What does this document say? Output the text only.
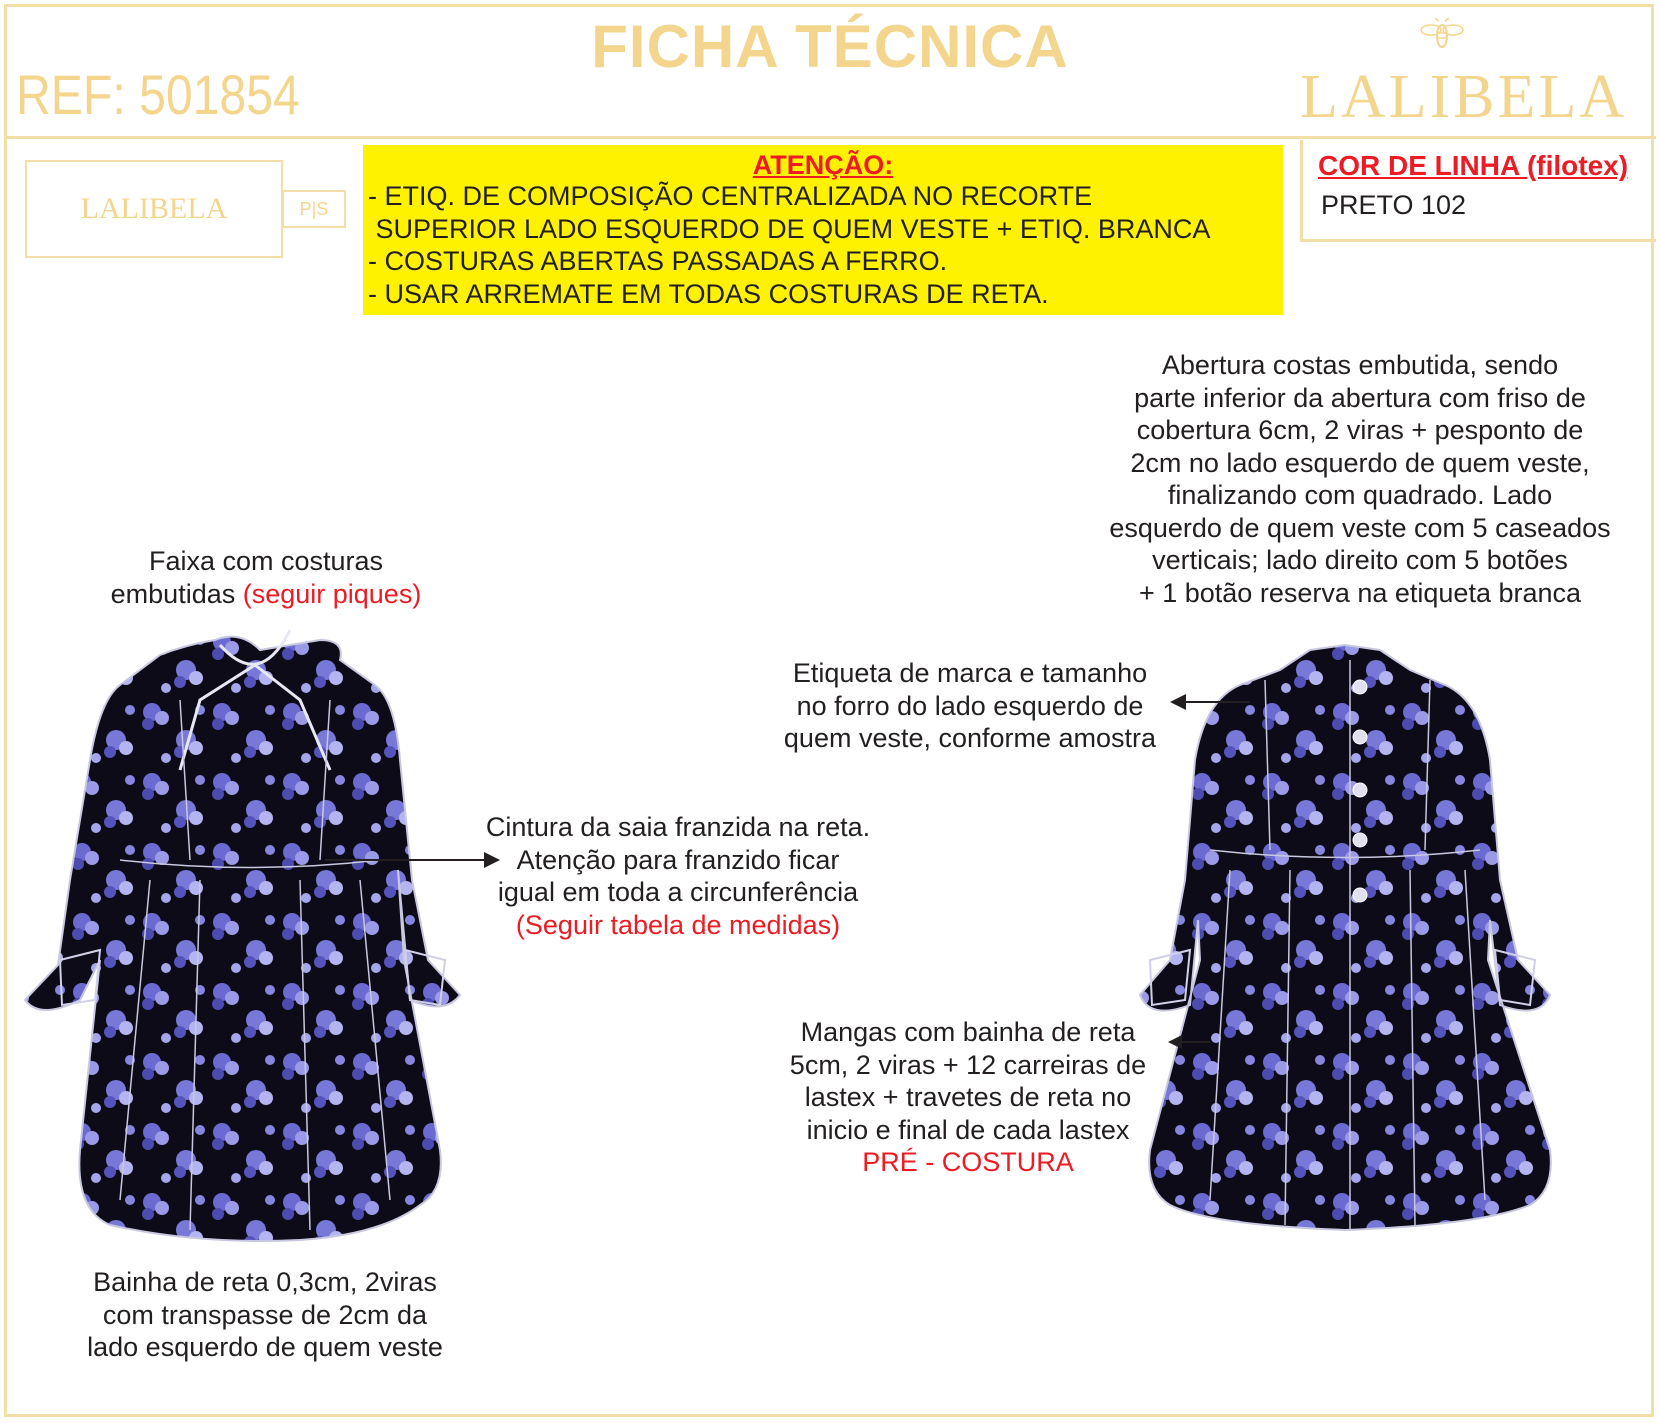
FICHA TÉCNICA
REF: 501854	LALIBELA
LALIBELA	P|S
ATENÇÃO:
- ETIQ. DE COMPOSIÇÃO CENTRALIZADA NO RECORTE
SUPERIOR LADO ESQUERDO DE QUEM VESTE + ETIQ. BRANCA
- COSTURAS ABERTAS PASSADAS A FERRO.
- USAR ARREMATE EM TODAS COSTURAS DE RETA.
COR DE LINHA (filotex)
PRETO 102
Faixa com costuras
embutidas (seguir piques)
Abertura costas embutida, sendo
parte inferior da abertura com friso de
cobertura 6cm, 2 viras + pesponto de
2cm no lado esquerdo de quem veste,
finalizando com quadrado. Lado
esquerdo de quem veste com 5 caseados
verticais; lado direito com 5 botões
+ 1 botão reserva na etiqueta branca
Etiqueta de marca e tamanho
no forro do lado esquerdo de
quem veste, conforme amostra
Cintura da saia franzida na reta.
Atenção para franzido ficar
igual em toda a circunferência
(Seguir tabela de medidas)
Mangas com bainha de reta
5cm, 2 viras + 12 carreiras de
lastex + travetes de reta no
inicio e final de cada lastex
PRÉ - COSTURA
Bainha de reta 0,3cm, 2viras
com transpasse de 2cm da
lado esquerdo de quem veste
